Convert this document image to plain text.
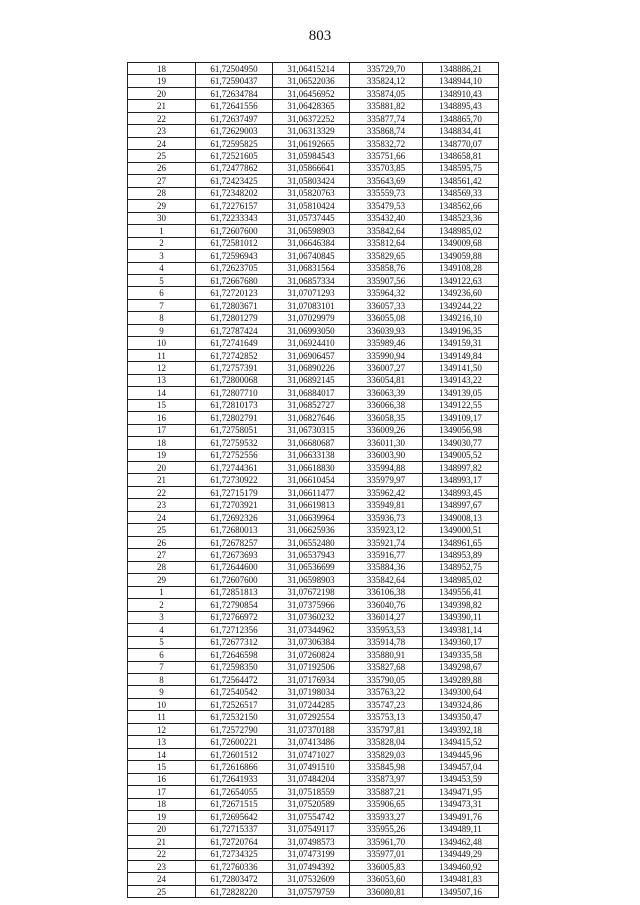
803
18	61,72504950	31,06415214	335729,70	1348886,21
19	61,72590437	31,06522036	335824,12	1348944,10
20	61,72634784	31,06456952	335874,05	1348910,43
21	61,72641556	31,06428365	335881,82	1348895,43
22	61,72637497	31,06372252	335877,74	1348865,70
23	61,72629003	31,06313329	335868,74	1348834,41
24	61,72595825	31,06192665	335832,72	1348770,07
25	61,72521605	31,05984543	335751,66	1348658,81
26	61,72477862	31,05866641	335703,85	1348595,75
27	61,72423425	31,05803424	335643,69	1348561,42
28	61,72348202	31,05820763	335559,73	1348569,33
29	61,72276157	31,05810424	335479,53	1348562,66
30	61,72233343	31,05737445	335432,40	1348523,36
1	61,72607600	31,06598903	335842,64	1348985,02
2	61,72581012	31,06646384	335812,64	1349009,68
3	61,72596943	31,06740845	335829,65	1349059,88
4	61,72623705	31,06831564	335858,76	1349108,28
5	61,72667680	31,06857334	335907,56	1349122,63
6	61,72720123	31,07071293	335964,32	1349236,60
7	61,72803671	31,07083101	336057,33	1349244,22
8	61,72801279	31,07029979	336055,08	1349216,10
9	61,72787424	31,06993050	336039,93	1349196,35
10	61,72741649	31,06924410	335989,46	1349159,31
11	61,72742852	31,06906457	335990,94	1349149,84
12	61,72757391	31,06890226	336007,27	1349141,50
13	61,72800068	31,06892145	336054,81	1349143,22
14	61,72807710	31,06884017	336063,39	1349139,05
15	61,72810173	31,06852727	336066,38	1349122,55
16	61,72802791	31,06827646	336058,35	1349109,17
17	61,72758051	31,06730315	336009,26	1349056,98
18	61,72759532	31,06680687	336011,30	1349030,77
19	61,72752556	31,06633138	336003,90	1349005,52
20	61,72744361	31,06618830	335994,88	1348997,82
21	61,72730922	31,06610454	335979,97	1348993,17
22	61,72715179	31,06611477	335962,42	1348993,45
23	61,72703921	31,06619813	335949,81	1348997,67
24	61,72692326	31,06639964	335936,73	1349008,13
25	61,72680013	31,06625936	335923,12	1349000,51
26	61,72678257	31,06552480	335921,74	1348961,65
27	61,72673693	31,06537943	335916,77	1348953,89
28	61,72644600	31,06536699	335884,36	1348952,75
29	61,72607600	31,06598903	335842,64	1348985,02
1	61,72851813	31,07672198	336106,38	1349556,41
2	61,72790854	31,07375966	336040,76	1349398,82
3	61,72766972	31,07360232	336014,27	1349390,11
4	61,72712356	31,07344962	335953,53	1349381,14
5	61,72677312	31,07306384	335914,78	1349360,17
6	61,72646598	31,07260824	335880,91	1349335,58
7	61,72598350	31,07192506	335827,68	1349298,67
8	61,72564472	31,07176934	335790,05	1349289,88
9	61,72540542	31,07198034	335763,22	1349300,64
10	61,72526517	31,07244285	335747,23	1349324,86
11	61,72532150	31,07292554	335753,13	1349350,47
12	61,72572790	31,07370188	335797,81	1349392,18
13	61,72600221	31,07413486	335828,04	1349415,52
14	61,72601512	31,07471027	335829,03	1349445,96
15	61,72616866	31,07491510	335845,98	1349457,04
16	61,72641933	31,07484204	335873,97	1349453,59
17	61,72654055	31,07518559	335887,21	1349471,95
18	61,72671515	31,07520589	335906,65	1349473,31
19	61,72695642	31,07554742	335933,27	1349491,76
20	61,72715337	31,07549117	335955,26	1349489,11
21	61,72720764	31,07498573	335961,70	1349462,48
22	61,72734325	31,07473199	335977,01	1349449,29
23	61,72760336	31,07494392	336005,83	1349460,92
24	61,72803472	31,07532609	336053,60	1349481,83
25	61,72828220	31,07579759	336080,81	1349507,16
